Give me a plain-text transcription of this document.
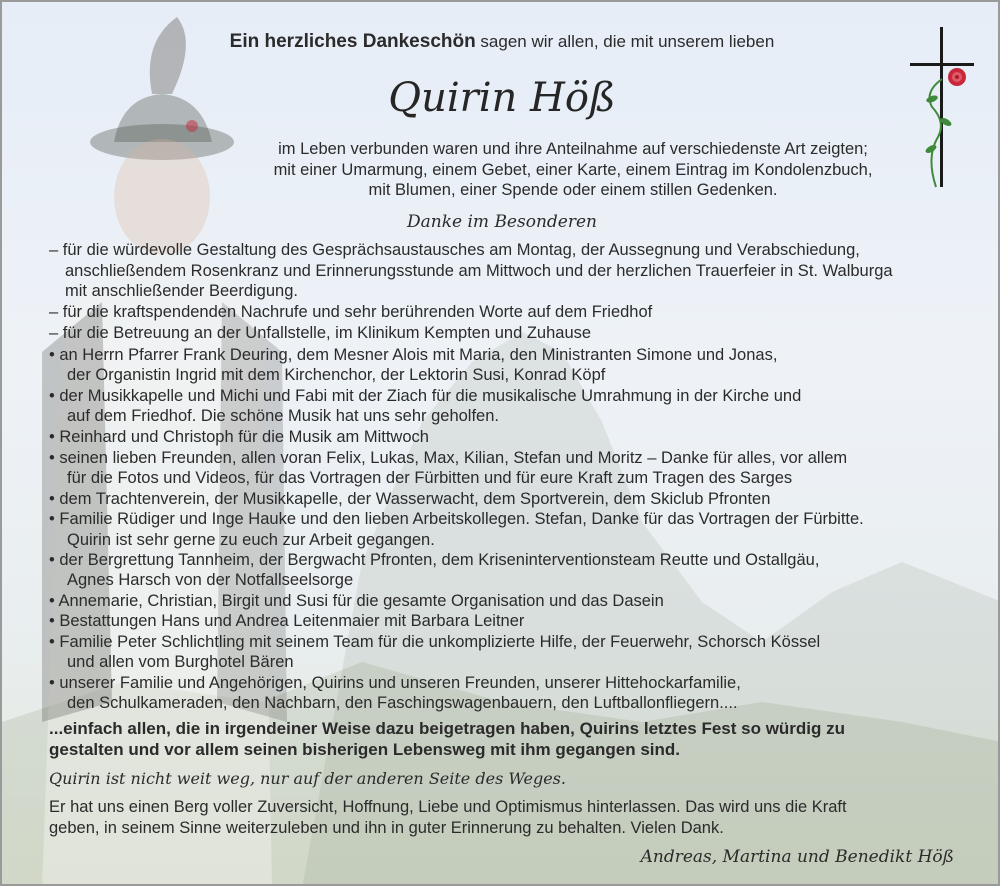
Ein herzliches Dankeschön sagen wir allen, die mit unserem lieben
Quirin Höß
im Leben verbunden waren und ihre Anteilnahme auf verschiedenste Art zeigten;
mit einer Umarmung, einem Gebet, einer Karte, einem Eintrag im Kondolenzbuch,
mit Blumen, einer Spende oder einem stillen Gedenken.
Danke im Besonderen
– für die würdevolle Gestaltung des Gesprächsaustausches am Montag, der Aussegnung und Verabschiedung,
anschließendem Rosenkranz und Erinnerungsstunde am Mittwoch und der herzlichen Trauerfeier in St. Walburga
mit anschließender Beerdigung.
– für die kraftspendenden Nachrufe und sehr berührenden Worte auf dem Friedhof
– für die Betreuung an der Unfallstelle, im Klinikum Kempten und Zuhause
• an Herrn Pfarrer Frank Deuring, dem Mesner Alois mit Maria, den Ministranten Simone und Jonas,
der Organistin Ingrid mit dem Kirchenchor, der Lektorin Susi, Konrad Köpf
• der Musikkapelle und Michi und Fabi mit der Ziach für die musikalische Umrahmung in der Kirche und
auf dem Friedhof. Die schöne Musik hat uns sehr geholfen.
• Reinhard und Christoph für die Musik am Mittwoch
• seinen lieben Freunden, allen voran Felix, Lukas, Max, Kilian, Stefan und Moritz – Danke für alles, vor allem
für die Fotos und Videos, für das Vortragen der Fürbitten und für eure Kraft zum Tragen des Sarges
• dem Trachtenverein, der Musikkapelle, der Wasserwacht, dem Sportverein, dem Skiclub Pfronten
• Familie Rüdiger und Inge Hauke und den lieben Arbeitskollegen. Stefan, Danke für das Vortragen der Fürbitte.
Quirin ist sehr gerne zu euch zur Arbeit gegangen.
• der Bergrettung Tannheim, der Bergwacht Pfronten, dem Kriseninterventionsteam Reutte und Ostallgäu,
Agnes Harsch von der Notfallseelsorge
• Annemarie, Christian, Birgit und Susi für die gesamte Organisation und das Dasein
• Bestattungen Hans und Andrea Leitenmaier mit Barbara Leitner
• Familie Peter Schlichtling mit seinem Team für die unkomplizierte Hilfe, der Feuerwehr, Schorsch Kössel
und allen vom Burghotel Bären
• unserer Familie und Angehörigen, Quirins und unseren Freunden, unserer Hittehockarfamilie,
den Schulkameraden, den Nachbarn, den Faschingswagenbauern, den Luftballonfliegern....
...einfach allen, die in irgendeiner Weise dazu beigetragen haben, Quirins letztes Fest so würdig zu
gestalten und vor allem seinen bisherigen Lebensweg mit ihm gegangen sind.
Quirin ist nicht weit weg, nur auf der anderen Seite des Weges.
Er hat uns einen Berg voller Zuversicht, Hoffnung, Liebe und Optimismus hinterlassen. Das wird uns die Kraft
geben, in seinem Sinne weiterzuleben und ihn in guter Erinnerung zu behalten. Vielen Dank.
Andreas, Martina und Benedikt Höß
